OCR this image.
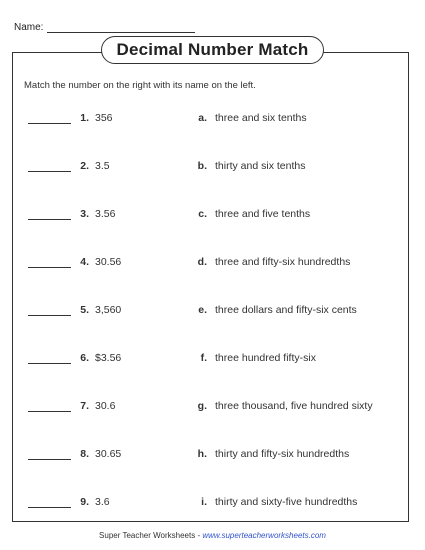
Name:
Decimal Number Match
Match the number on the right with its name on the left.
1. 356	a. three and six tenths
2. 3.5	b. thirty and six tenths
3. 3.56	c. three and five tenths
4. 30.56	d. three and fifty-six hundredths
5. 3,560	e. three dollars and fifty-six cents
6. $3.56	f. three hundred fifty-six
7. 30.6	g. three thousand, five hundred sixty
8. 30.65	h. thirty and fifty-six hundredths
9. 3.6	i. thirty and sixty-five hundredths
Super Teacher Worksheets - www.superteacherworksheets.com
